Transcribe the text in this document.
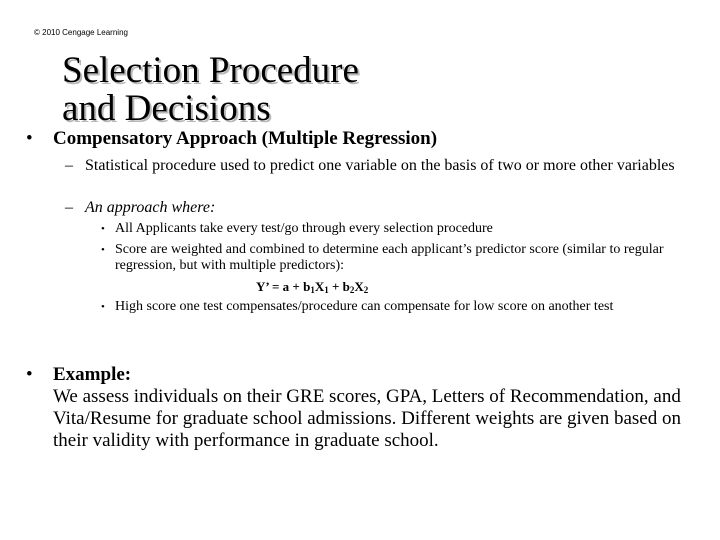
© 2010 Cengage Learning
Selection Procedure
and Decisions
• Compensatory Approach (Multiple Regression)
– Statistical procedure used to predict one variable on the basis of two or more other variables
– An approach where:
• All Applicants take every test/go through every selection procedure
• Score are weighted and combined to determine each applicant’s predictor score (similar to regular regression, but with multiple predictors):
Y’ = $a + b_1X_1 + b_2X_2$
• High score one test compensates/procedure can compensate for low score on another test
• Example:
We assess individuals on their GRE scores, GPA, Letters of Recommendation, and Vita/Resume for graduate school admissions. Different weights are given based on their validity with performance in graduate school.
